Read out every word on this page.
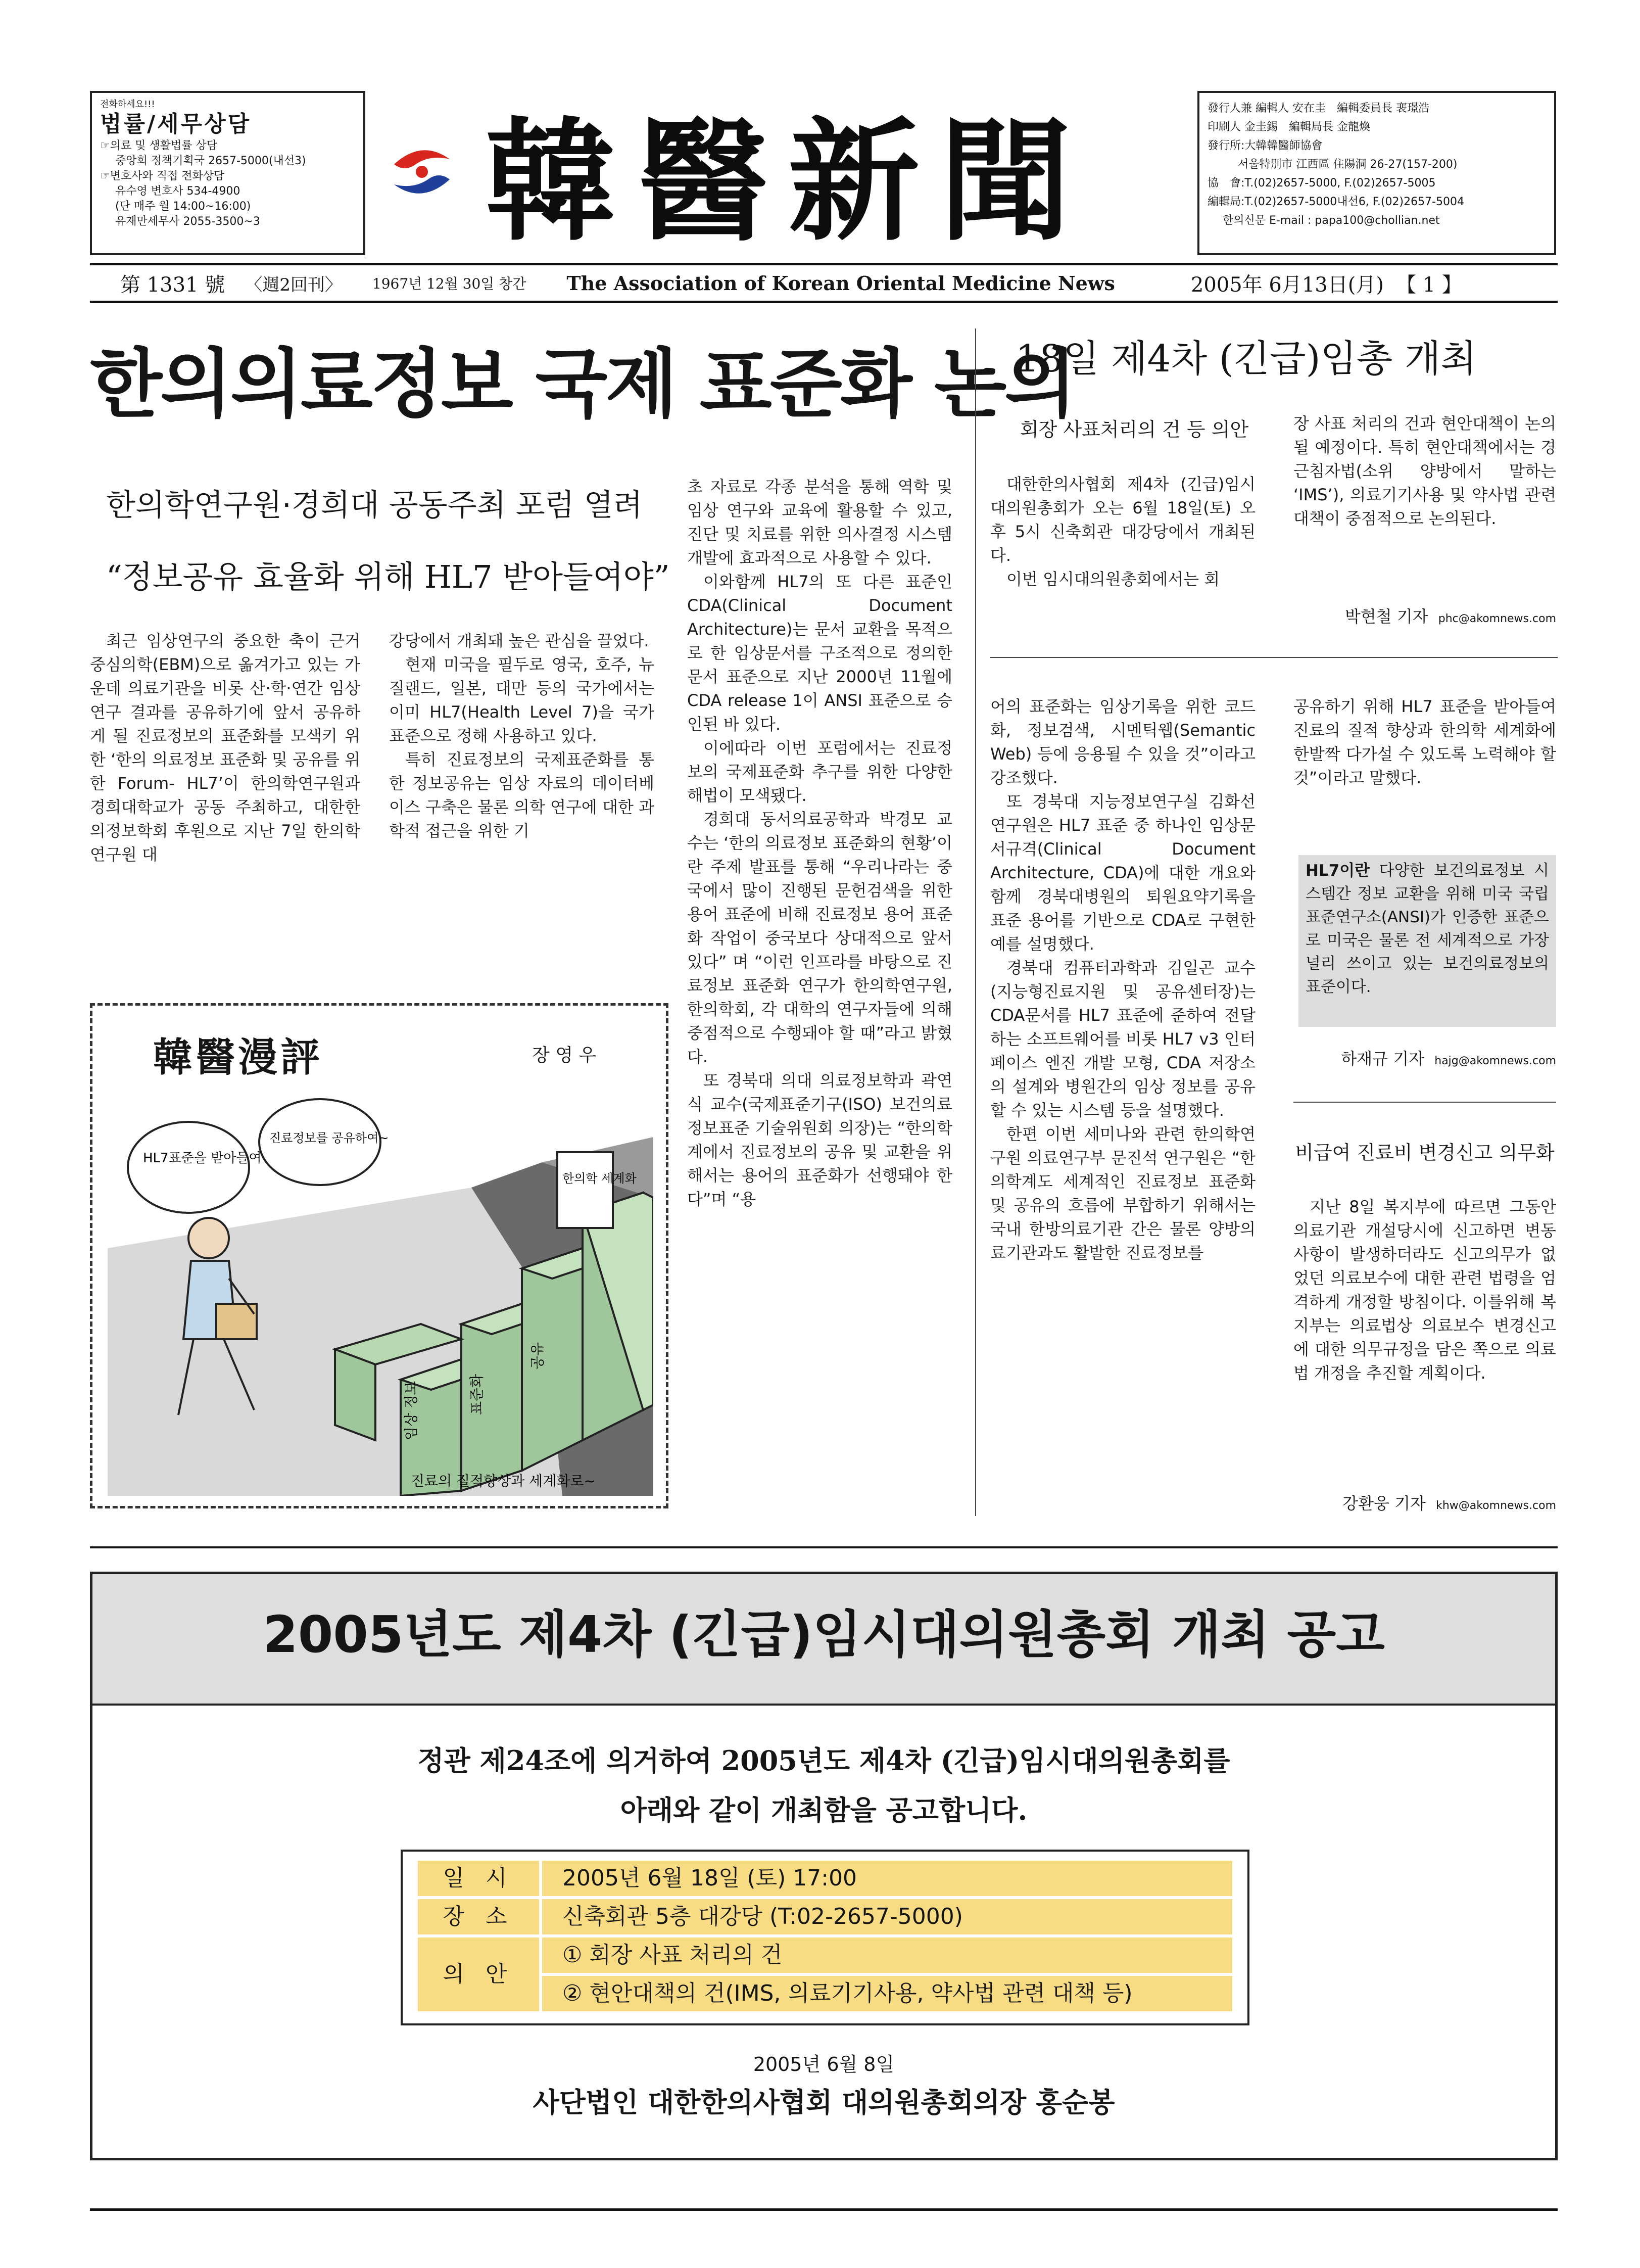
전화하세요!!!
법률/세무상담
☞의료 및 생활법률 상담
중앙회 정책기획국 2657-5000(내선3)
☞변호사와 직접 전화상담
유수영 변호사 534-4900
(단 매주 월 14:00~16:00)
유재만세무사 2055-3500~3	韓醫新聞	發行人兼 編輯人 安在圭　編輯委員長 裵璟浩
印刷人 金圭錫　編輯局長 金龍煥
發行所:大韓韓醫師協會
서울特別市 江西區 住陽洞 26-27(157-200)
協　會:T.(02)2657-5000, F.(02)2657-5005
編輯局:T.(02)2657-5000내선6, F.(02)2657-5004
한의신문 E-mail : papa100@chollian.net
第 1331 號 〈週2回刊〉 1967년 12월 30일 창간 The Association of Korean Oriental Medicine News	2005年 6月13日(月) 【 1 】
한의의료정보 국제 표준화 논의
한의학연구원·경희대 공동주최 포럼 열려
“정보공유 효율화 위해 HL7 받아들여야”

최근 임상연구의 중요한 축이 근거중심의학(EBM)으로 옮겨가고 있는 가운데 의료기관을 비롯 산·학·연간 임상 연구 결과를 공유하기에 앞서 공유하게 될 진료정보의 표준화를 모색키 위한 ‘한의 의료정보 표준화 및 공유를 위한 Forum- HL7’이 한의학연구원과 경희대학교가 공동 주최하고, 대한한의정보학회 후원으로 지난 7일 한의학연구원 대

강당에서 개최돼 높은 관심을 끌었다.

현재 미국을 필두로 영국, 호주, 뉴질랜드, 일본, 대만 등의 국가에서는 이미 HL7(Health Level 7)을 국가 표준으로 정해 사용하고 있다.

특히 진료정보의 국제표준화를 통한 정보공유는 임상 자료의 데이터베이스 구축은 물론 의학 연구에 대한 과학적 접근을 위한 기

초 자료로 각종 분석을 통해 역학 및 임상 연구와 교육에 활용할 수 있고, 진단 및 치료를 위한 의사결정 시스템 개발에 효과적으로 사용할 수 있다.

이와함께 HL7의 또 다른 표준인 CDA(Clinical Document Architecture)는 문서 교환을 목적으로 한 임상문서를 구조적으로 정의한 문서 표준으로 지난 2000년 11월에 CDA release 1이 ANSI 표준으로 승인된 바 있다.

이에따라 이번 포럼에서는 진료정보의 국제표준화 추구를 위한 다양한 해법이 모색됐다.

경희대 동서의료공학과 박경모 교수는 ‘한의 의료정보 표준화의 현황’이란 주제 발표를 통해 “우리나라는 중국에서 많이 진행된 문헌검색을 위한 용어 표준에 비해 진료정보 용어 표준화 작업이 중국보다 상대적으로 앞서 있다” 며 “이런 인프라를 바탕으로 진료정보 표준화 연구가 한의학연구원, 한의학회, 각 대학의 연구자들에 의해 중점적으로 수행돼야 할 때”라고 밝혔다.

또 경북대 의대 의료정보학과 곽연식 교수(국제표준기구(ISO) 보건의료정보표준 기술위원회 의장)는 “한의학계에서 진료정보의 공유 및 교환을 위해서는 용어의 표준화가 선행돼야 한다”며 “용

어의 표준화는 임상기록을 위한 코드화, 정보검색, 시멘틱웹(Semantic Web) 등에 응용될 수 있을 것”이라고 강조했다.

또 경북대 지능정보연구실 김화선 연구원은 HL7 표준 중 하나인 임상문서규격(Clinical Document Architecture, CDA)에 대한 개요와 함께 경북대병원의 퇴원요약기록을 표준 용어를 기반으로 CDA로 구현한 예를 설명했다.

경북대 컴퓨터과학과 김일곤 교수(지능형진료지원 및 공유센터장)는 CDA문서를 HL7 표준에 준하여 전달하는 소프트웨어를 비롯 HL7 v3 인터페이스 엔진 개발 모형, CDA 저장소의 설계와 병원간의 임상 정보를 공유할 수 있는 시스템 등을 설명했다.

한편 이번 세미나와 관련 한의학연구원 의료연구부 문진석 연구원은 “한의학계도 세계적인 진료정보 표준화 및 공유의 흐름에 부합하기 위해서는 국내 한방의료기관 간은 물론 양방의료기관과도 활발한 진료정보를

공유하기 위해 HL7 표준을 받아들여 진료의 질적 향상과 한의학 세계화에 한발짝 다가설 수 있도록 노력해야 할 것”이라고 말했다.

HL7이란 다양한 보건의료정보 시스템간 정보 교환을 위해 미국 국립표준연구소(ANSI)가 인증한 표준으로 미국은 물론 전 세계적으로 가장 널리 쓰이고 있는 보건의료정보의 표준이다.
하재규 기자 hajg@akomnews.com
韓醫漫評	장 영 우
임상 정보	표준화
공유
한의학 세계화
HL7표준을 받아들여
진료정보를 공유하여~
진료의 질적향상과 세계화로~
18일 제4차 (긴급)임총 개최
회장 사표처리의 건 등 의안

대한한의사협회 제4차 (긴급)임시대의원총회가 오는 6월 18일(토) 오후 5시 신축회관 대강당에서 개최된다.

이번 임시대의원총회에서는 회

장 사표 처리의 건과 현안대책이 논의될 예정이다. 특히 현안대책에서는 경근침자법(소위 양방에서 말하는 ‘IMS’), 의료기기사용 및 약사법 관련 대책이 중점적으로 논의된다.

박현철 기자 phc@akomnews.com
비급여 진료비 변경신고 의무화
지난 8일 복지부에 따르면 그동안 의료기관 개설당시에 신고하면 변동사항이 발생하더라도 신고의무가 없었던 의료보수에 대한 관련 법령을 엄격하게 개정할 방침이다. 이를위해 복지부는 의료법상 의료보수 변경신고에 대한 의무규정을 담은 쪽으로 의료법 개정을 추진할 계획이다.
강환웅 기자 khw@akomnews.com
2005년도 제4차 (긴급)임시대의원총회 개최 공고
정관 제24조에 의거하여 2005년도 제4차 (긴급)임시대의원총회를
아래와 같이 개최함을 공고합니다.
일 시	2005년 6월 18일 (토) 17:00
장 소	신축회관 5층 대강당 (T:02-2657-5000)
의 안
① 회장 사표 처리의 건
② 현안대책의 건(IMS, 의료기기사용, 약사법 관련 대책 등)
2005년 6월 8일
사단법인 대한한의사협회 대의원총회의장 홍순봉
